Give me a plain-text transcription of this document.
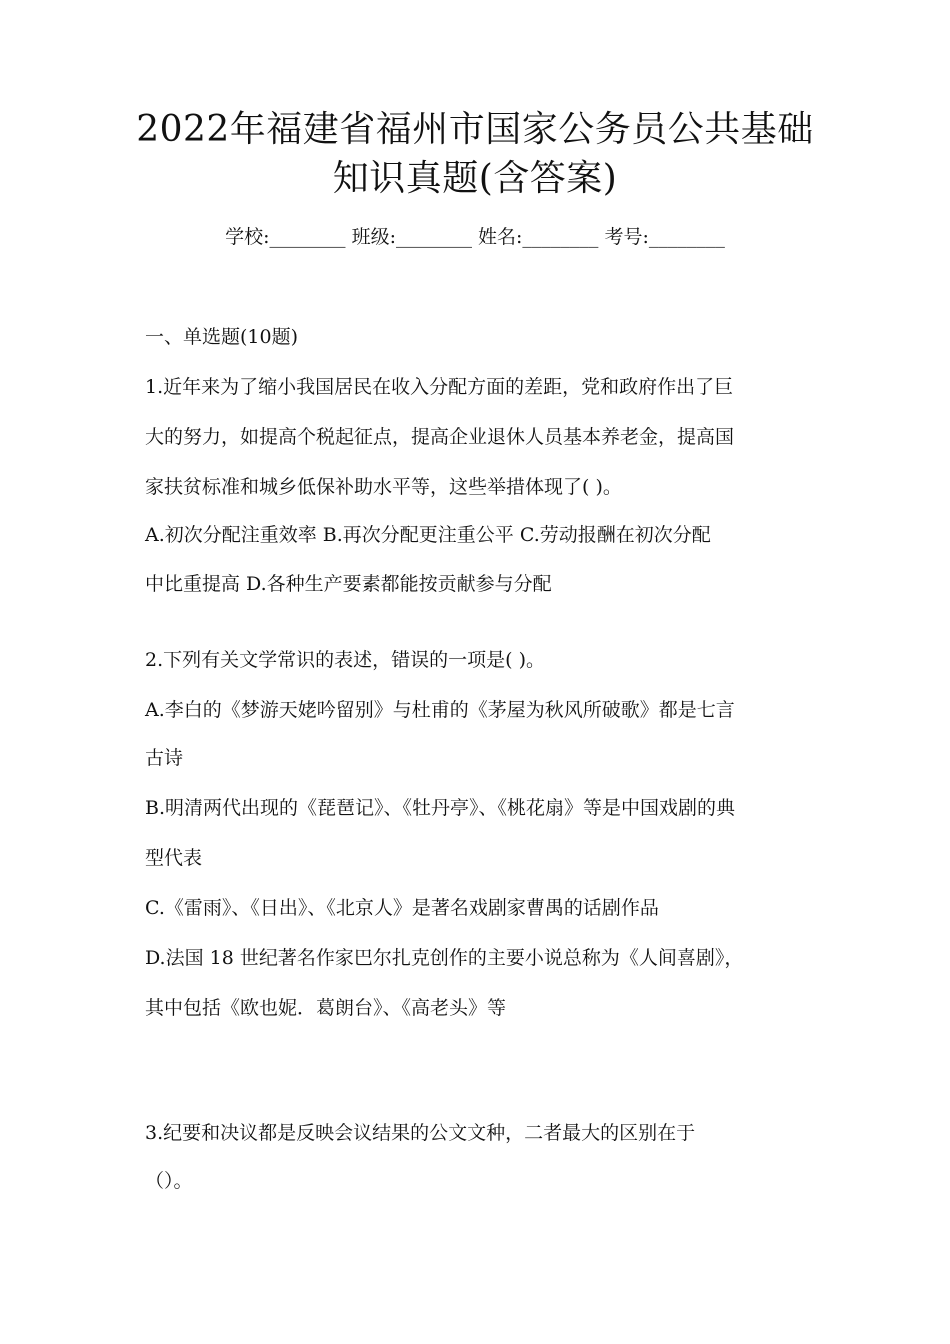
2022年福建省福州市国家公务员公共基础
知识真题(含答案)
学校:________ 班级:________ 姓名:________ 考号:________
一、单选题(10题)
1.近年来为了缩小我国居民在收入分配方面的差距，党和政府作出了巨
大的努力，如提高个税起征点，提高企业退休人员基本养老金，提高国
家扶贫标准和城乡低保补助水平等，这些举措体现了( )。
A.初次分配注重效率 B.再次分配更注重公平 C.劳动报酬在初次分配
中比重提高 D.各种生产要素都能按贡献参与分配
2.下列有关文学常识的表述，错误的一项是( )。
A.李白的《梦游天姥吟留别》与杜甫的《茅屋为秋风所破歌》都是七言
古诗
B.明清两代出现的《琵琶记》、《牡丹亭》、《桃花扇》等是中国戏剧的典
型代表
C.《雷雨》、《日出》、《北京人》是著名戏剧家曹禺的话剧作品
D.法国 18 世纪著名作家巴尔扎克创作的主要小说总称为《人间喜剧》，
其中包括《欧也妮．葛朗台》、《高老头》等
3.纪要和决议都是反映会议结果的公文文种，二者最大的区别在于
（）。
